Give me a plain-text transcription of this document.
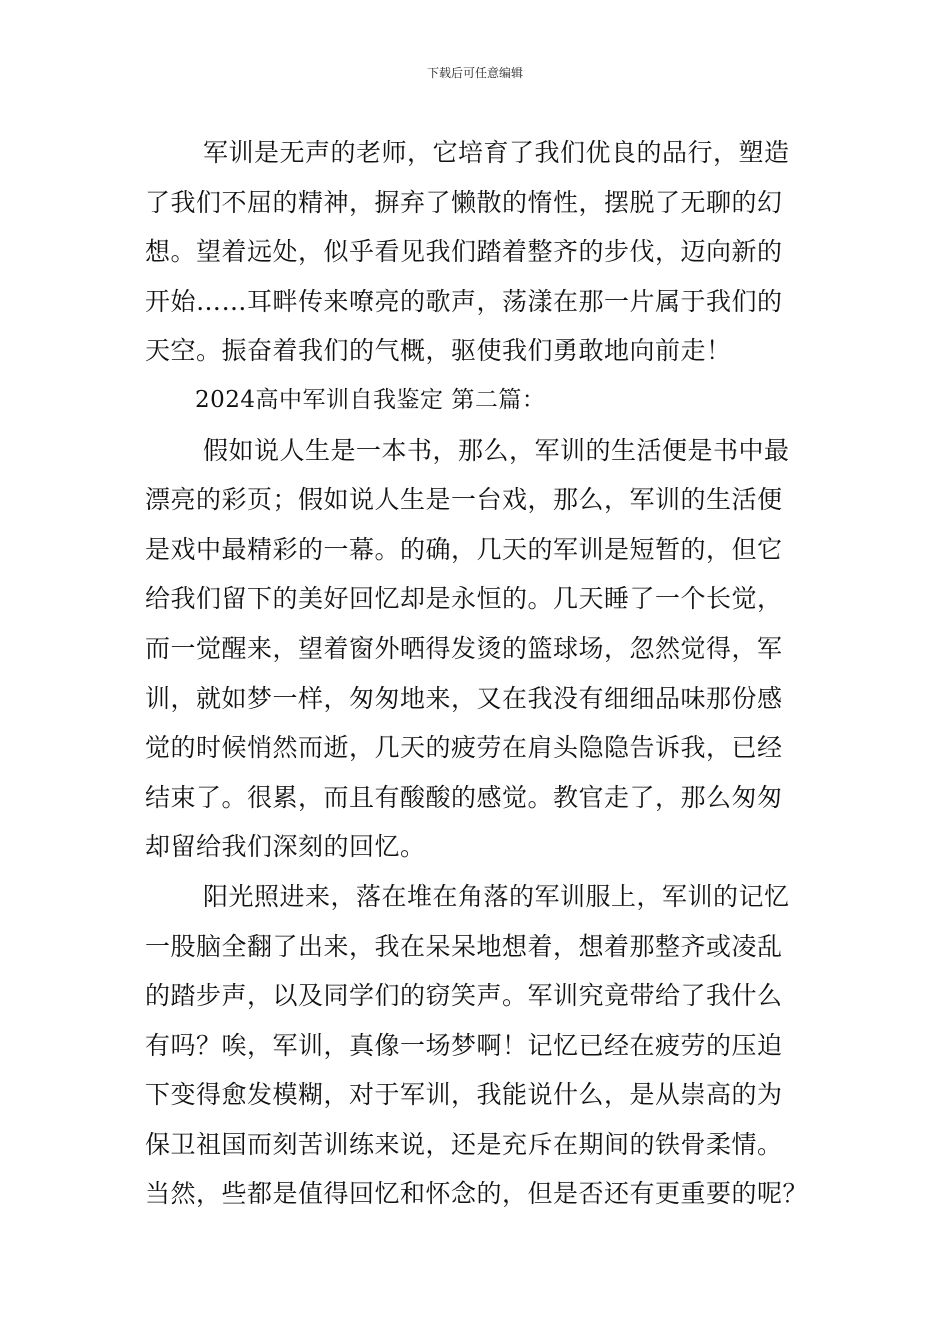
下载后可任意编辑
军训是无声的老师，它培育了我们优良的品行，塑造
了我们不屈的精神，摒弃了懒散的惰性，摆脱了无聊的幻
想。望着远处，似乎看见我们踏着整齐的步伐，迈向新的
开始……耳畔传来嘹亮的歌声，荡漾在那一片属于我们的
天空。振奋着我们的气概，驱使我们勇敢地向前走！
2024高中军训自我鉴定 第二篇：
假如说人生是一本书，那么，军训的生活便是书中最
漂亮的彩页；假如说人生是一台戏，那么，军训的生活便
是戏中最精彩的一幕。的确，几天的军训是短暂的，但它
给我们留下的美好回忆却是永恒的。几天睡了一个长觉，
而一觉醒来，望着窗外晒得发烫的篮球场，忽然觉得，军
训，就如梦一样，匆匆地来，又在我没有细细品味那份感
觉的时候悄然而逝，几天的疲劳在肩头隐隐告诉我，已经
结束了。很累，而且有酸酸的感觉。教官走了，那么匆匆
却留给我们深刻的回忆。
阳光照进来，落在堆在角落的军训服上，军训的记忆
一股脑全翻了出来，我在呆呆地想着，想着那整齐或凌乱
的踏步声，以及同学们的窃笑声。军训究竟带给了我什么
有吗？唉，军训，真像一场梦啊！记忆已经在疲劳的压迫
下变得愈发模糊，对于军训，我能说什么，是从崇高的为
保卫祖国而刻苦训练来说，还是充斥在期间的铁骨柔情。
当然，些都是值得回忆和怀念的，但是否还有更重要的呢？
